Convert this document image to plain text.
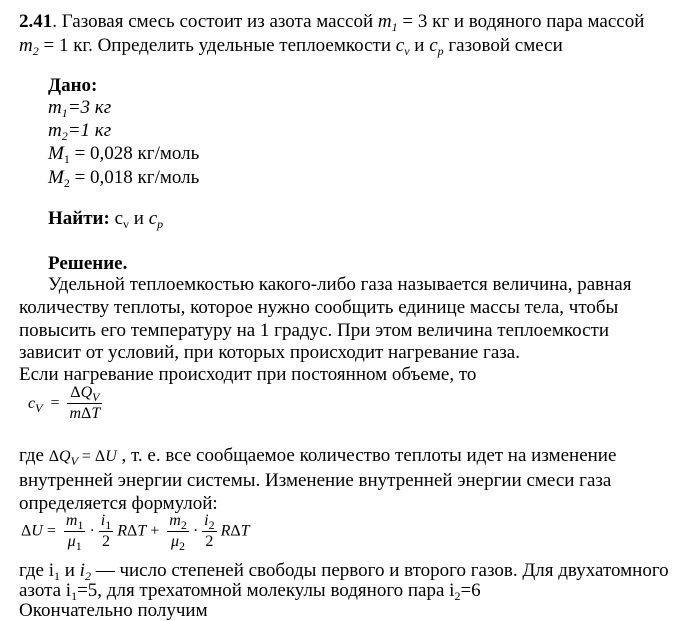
2.41. Газовая смесь состоит из азота массой $m_1 = 3$ кг и водяного пара массой
$m_2 = 1$ кг. Определить удельные теплоемкости $c_v$ и $c_p$ газовой смеси
Дано:
$m_1=3$ кг
$m_2=1$ кг
$M_1 = 0,028$ кг/моль
$M_2 = 0,018$ кг/моль
Найти: $c_v$ и $c_p$
Решение.
Удельной теплоемкостью какого-либо газа называется величина, равная
количеству теплоты, которое нужно сообщить единице массы тела, чтобы
повысить его температуру на 1 градус. При этом величина теплоемкости
зависит от условий, при которых происходит нагревание газа.
Если нагревание происходит при постоянном объеме, то
$c_V = \frac{\Delta Q_V}{\text{mΔT}}$
где $\Delta Q_V = \Delta U$ , т. е. все сообщаемое количество теплоты идет на изменение
внутренней энергии системы. Изменение внутренней энергии смеси газа
определяется формулой:
$\Delta U = \frac{m_1}{\mu_1} \cdot \frac{i_1}{2}$ $R\Delta T + \frac{m_2}{\mu_2} \cdot \frac{i_2}{2}$ RΔT
где $i_1$ и $i_2$ — число степеней свободы первого и второго газов. Для двухатомного
азота $i_1=5$, для трехатомной молекулы водяного пара $i_2=6$
Окончательно получим
